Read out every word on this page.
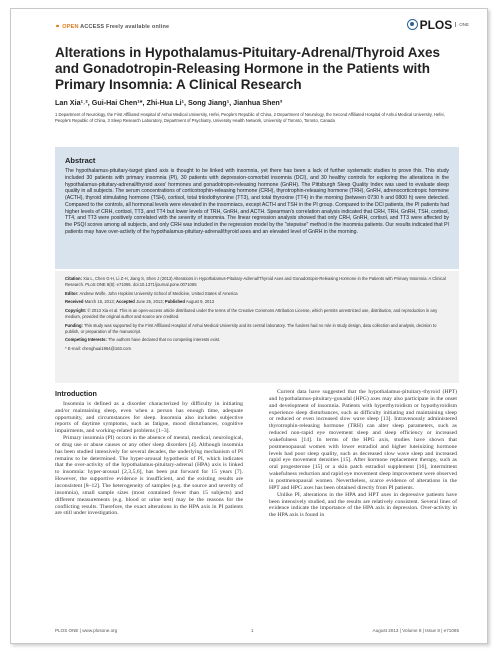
⚭ OPEN ACCESS Freely available online	PLOS $^{ONE}$
Alterations in Hypothalamus-Pituitary-Adrenal/Thyroid Axes and Gonadotropin-Releasing Hormone in the Patients with Primary Insomnia: A Clinical Research
Lan Xia¹˒², Gui-Hai Chen¹*, Zhi-Hua Li¹, Song Jiang¹, Jianhua Shen³
1 Department of Neurology, the First Affiliated Hospital of Anhui Medical University, Hefei, People's Republic of China, 2 Department of Neurology, the Second Affiliated Hospital of Anhui Medical University, Hefei, People's Republic of China, 3 Sleep Research Laboratory, Department of Psychiatry, University Health Network, University of Toronto, Toronto, Canada
Abstract
The hypothalamus-pituitary-target gland axis is thought to be linked with insomnia, yet there has been a lack of further systematic studies to prove this. This study included 30 patients with primary insomnia (PI), 30 patients with depression-comorbid insomnia (DCI), and 30 healthy controls for exploring the alterations in the hypothalamus-pituitary-adrenal/thyroid axes' hormones and gonadotropin-releasing hormone (GnRH). The Pittsburgh Sleep Quality Index was used to evaluate sleep quality in all subjects. The serum concentrations of corticotrophin-releasing hormone (CRH), thyrotrophin-releasing hormone (TRH), GnRH, adrenocorticotropic hormone (ACTH), thyroid stimulating hormone (TSH), cortisol, total triiodothyronine (TT3), and total thyroxine (TT4) in the morning (between 0730 h and 0800 h) were detected. Compared to the controls, all hormonal levels were elevated in the insomniacs, except ACTH and TSH in the PI group. Compared to the DCI patients, the PI patients had higher levels of CRH, cortisol, TT3, and TT4 but lower levels of TRH, GnRH, and ACTH. Spearman's correlation analysis indicated that CRH, TRH, GnRH, TSH, cortisol, TT4, and TT3 were positively correlated with the severity of insomnia. The linear regression analysis showed that only CRH, GnRH, cortisol, and TT3 were affected by the PSQI scores among all subjects, and only CRH was included in the regression model by the "stepwise" method in the insomnia patients. Our results indicated that PI patients may have over-activity of the hypothalamus-pituitary-adrenal/thyroid axes and an elevated level of GnRH in the morning.

Citation: Xia L, Chen G-H, Li Z-H, Jiang S, Shen J (2013) Alterations in Hypothalamus-Pituitary-Adrenal/Thyroid Axes and Gonadotropin-Releasing Hormone in the Patients with Primary Insomnia: A Clinical Research. PLoS ONE 8(8): e71065. doi:10.1371/journal.pone.0071065

Editor: Andrew Wolfe, John Hopkins University School of Medicine, United States of America

Received March 16, 2013; Accepted June 25, 2013; Published August 9, 2013

Copyright: © 2013 Xia et al. This is an open-access article distributed under the terms of the Creative Commons Attribution License, which permits unrestricted use, distribution, and reproduction in any medium, provided the original author and source are credited.

Funding: This study was supported by the First Affiliated Hospital of Anhui Medical University and its central laboratory. The funders had no role in study design, data collection and analysis, decision to publish, or preparation of the manuscript.

Competing Interests: The authors have declared that no competing interests exist.

* E-mail: chenghuai1964@163.com

Introduction

Insomnia is defined as a disorder characterized by difficulty in initiating and/or maintaining sleep, even when a person has enough time, adequate opportunity, and circumstances for sleep. Insomnia also includes subjective reports of daytime symptoms, such as fatigue, mood disturbances, cognitive impairments, and working-related problems [1–3].

Primary insomnia (PI) occurs in the absence of mental, medical, neurological, or drug use or abuse causes or any other sleep disorders [4]. Although insomnia has been studied intensively for several decades, the underlying mechanism of PI remains to be determined. The hyper-arousal hypothesis of PI, which indicates that the over-activity of the hypothalamus-pituitary-adrenal (HPA) axis is linked to insomnia: hyper-arousal [2,3,5,6], has been put forward for 15 years [7]. However, the supportive evidence is insufficient, and the existing results are inconsistent [8–12]. The heterogeneity of samples (e.g. the source and severity of insomnia), small sample sizes (most contained fewer than 15 subjects) and different measurements (e.g. blood or urine test) may be the reasons for the conflicting results. Therefore, the exact alterations in the HPA axis in PI patients are still under investigation.

Current data have suggested that the hypothalamus-pituitary-thyroid (HPT) and hypothalamus-pituitary-gonadal (HPG) axes may also participate in the onset and development of insomnia. Patients with hyperthyroidism or hypothyroidism experience sleep disturbances, such as difficulty initiating and maintaining sleep or reduced or even increased slow wave sleep [13]. Intravenously administered thyrotrophin-releasing hormone (TRH) can alter sleep parameters, such as reduced non-rapid eye movement sleep and sleep efficiency or increased wakefulness [14]. In terms of the HPG axis, studies have shown that postmenopausal women with lower estradiol and higher luteinizing hormone levels had poor sleep quality, such as decreased slow wave sleep and increased rapid eye movement densities [15]. After hormone replacement therapy, such as oral progesterone [15] or a skin patch estradiol supplement [16], intermittent wakefulness reduction and rapid eye movement sleep improvement were observed in postmenopausal women. Nevertheless, scarce evidence of alterations in the HPT and HPG axes has been obtained directly from PI patients.

Unlike PI, alterations in the HPA and HPT axes in depressive patients have been intensively studied, and the results are relatively consistent. Several lines of evidence indicate the importance of the HPA axis in depression. Over-activity in the HPA axis is found in

PLOS ONE | www.plosone.org	1	August 2013 | Volume 8 | Issue 8 | e71065
